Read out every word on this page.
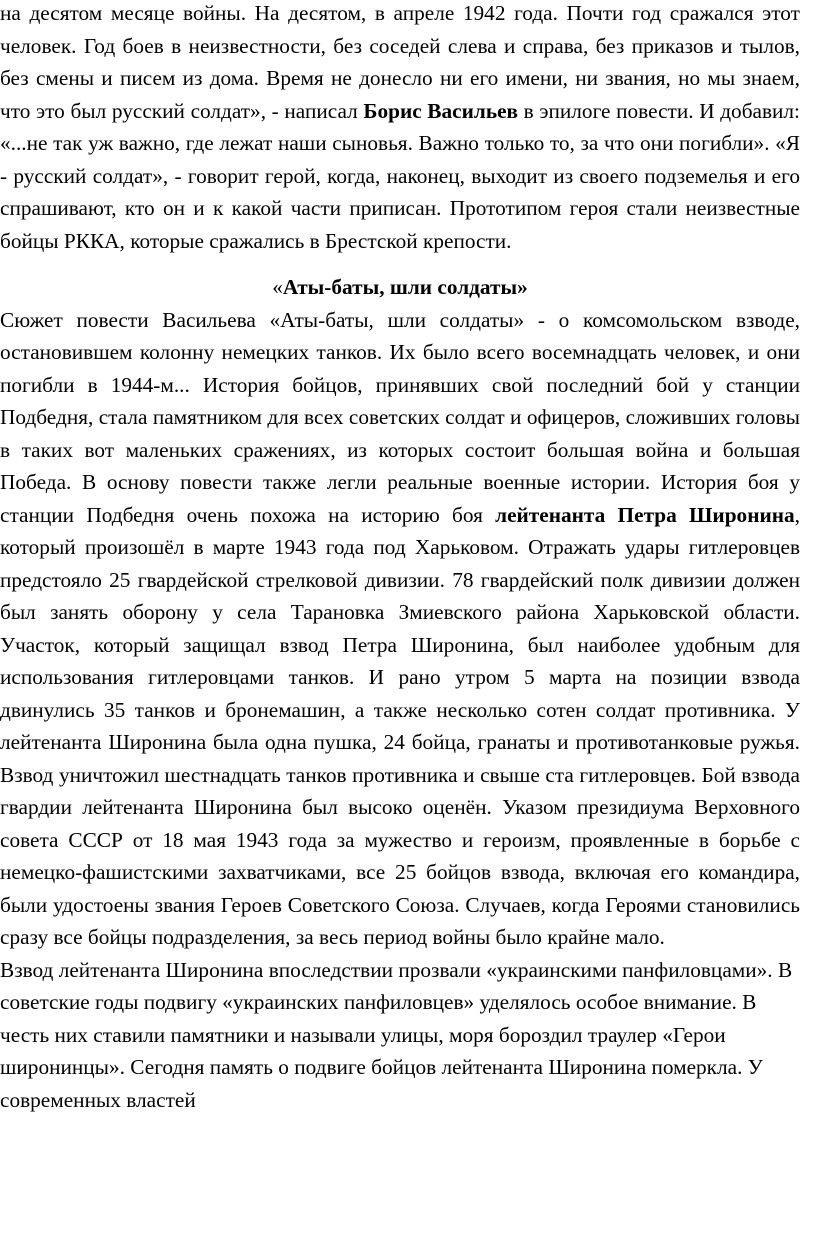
на десятом месяце войны. На десятом, в апреле 1942 года. Почти год сражался этот человек. Год боев в неизвестности, без соседей слева и справа, без приказов и тылов, без смены и писем из дома. Время не донесло ни его имени, ни звания, но мы знаем, что это был русский солдат», - написал Борис Васильев в эпилоге повести. И добавил: «...не так уж важно, где лежат наши сыновья. Важно только то, за что они погибли». «Я - русский солдат», - говорит герой, когда, наконец, выходит из своего подземелья и его спрашивают, кто он и к какой части приписан. Прототипом героя стали неизвестные бойцы РККА, которые сражались в Брестской крепости.

«Аты-баты, шли солдаты»

Сюжет повести Васильева «Аты-баты, шли солдаты» - о комсомольском взводе, остановившем колонну немецких танков. Их было всего восемнадцать человек, и они погибли в 1944-м... История бойцов, принявших свой последний бой у станции Подбедня, стала памятником для всех советских солдат и офицеров, сложивших головы в таких вот маленьких сражениях, из которых состоит большая война и большая Победа. В основу повести также легли реальные военные истории. История боя у станции Подбедня очень похожа на историю боя лейтенанта Петра Широнина, который произошёл в марте 1943 года под Харьковом. Отражать удары гитлеровцев предстояло 25 гвардейской стрелковой дивизии. 78 гвардейский полк дивизии должен был занять оборону у села Тарановка Змиевского района Харьковской области. Участок, который защищал взвод Петра Широнина, был наиболее удобным для использования гитлеровцами танков. И рано утром 5 марта на позиции взвода двинулись 35 танков и бронемашин, а также несколько сотен солдат противника. У лейтенанта Широнина была одна пушка, 24 бойца, гранаты и противотанковые ружья. Взвод уничтожил шестнадцать танков противника и свыше ста гитлеровцев. Бой взвода гвардии лейтенанта Широнина был высоко оценён. Указом президиума Верховного совета СССР от 18 мая 1943 года за мужество и героизм, проявленные в борьбе с немецко-фашистскими захватчиками, все 25 бойцов взвода, включая его командира, были удостоены звания Героев Советского Союза. Случаев, когда Героями становились сразу все бойцы подразделения, за весь период войны было крайне мало.

Взвод лейтенанта Широнина впоследствии прозвали «украинскими панфиловцами». В советские годы подвигу «украинских панфиловцев» уделялось особое внимание. В честь них ставили памятники и называли улицы, моря бороздил траулер «Герои широнинцы». Сегодня память о подвиге бойцов лейтенанта Широнина померкла. У современных властей
